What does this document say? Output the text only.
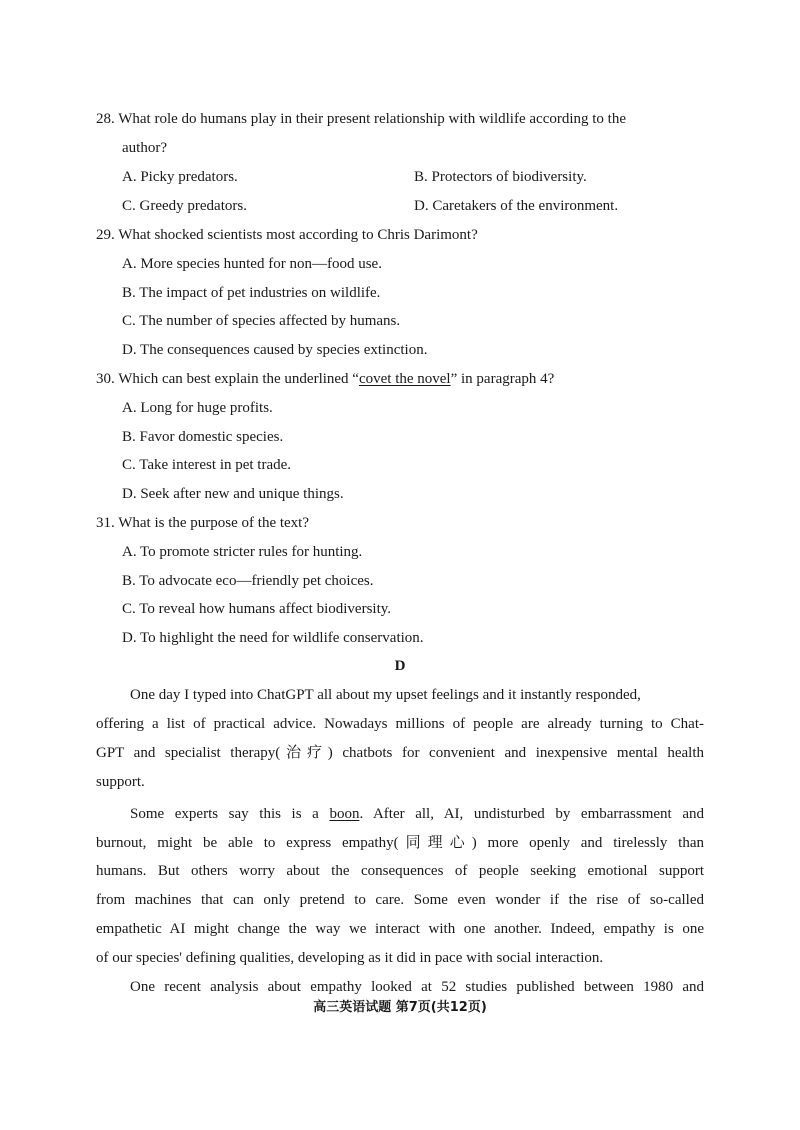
28. What role do humans play in their present relationship with wildlife according to the
author?
A. Picky predators.	B. Protectors of biodiversity.
C. Greedy predators.	D. Caretakers of the environment.
29. What shocked scientists most according to Chris Darimont?
A. More species hunted for non—food use.
B. The impact of pet industries on wildlife.
C. The number of species affected by humans.
D. The consequences caused by species extinction.
30. Which can best explain the underlined “covet the novel” in paragraph 4?
A. Long for huge profits.
B. Favor domestic species.
C. Take interest in pet trade.
D. Seek after new and unique things.
31. What is the purpose of the text?
A. To promote stricter rules for hunting.
B. To advocate eco—friendly pet choices.
C. To reveal how humans affect biodiversity.
D. To highlight the need for wildlife conservation.
D
One day I typed into ChatGPT all about my upset feelings and it instantly responded,
offering a list of practical advice. Nowadays millions of people are already turning to Chat-
GPT and specialist therapy(治疗) chatbots for convenient and inexpensive mental health
support.
Some experts say this is a boon. After all, AI, undisturbed by embarrassment and
burnout, might be able to express empathy(同理心) more openly and tirelessly than
humans. But others worry about the consequences of people seeking emotional support
from machines that can only pretend to care. Some even wonder if the rise of so-called
empathetic AI might change the way we interact with one another. Indeed, empathy is one
of our species' defining qualities, developing as it did in pace with social interaction.
One recent analysis about empathy looked at 52 studies published between 1980 and
高三英语试题 第7页(共12页)
